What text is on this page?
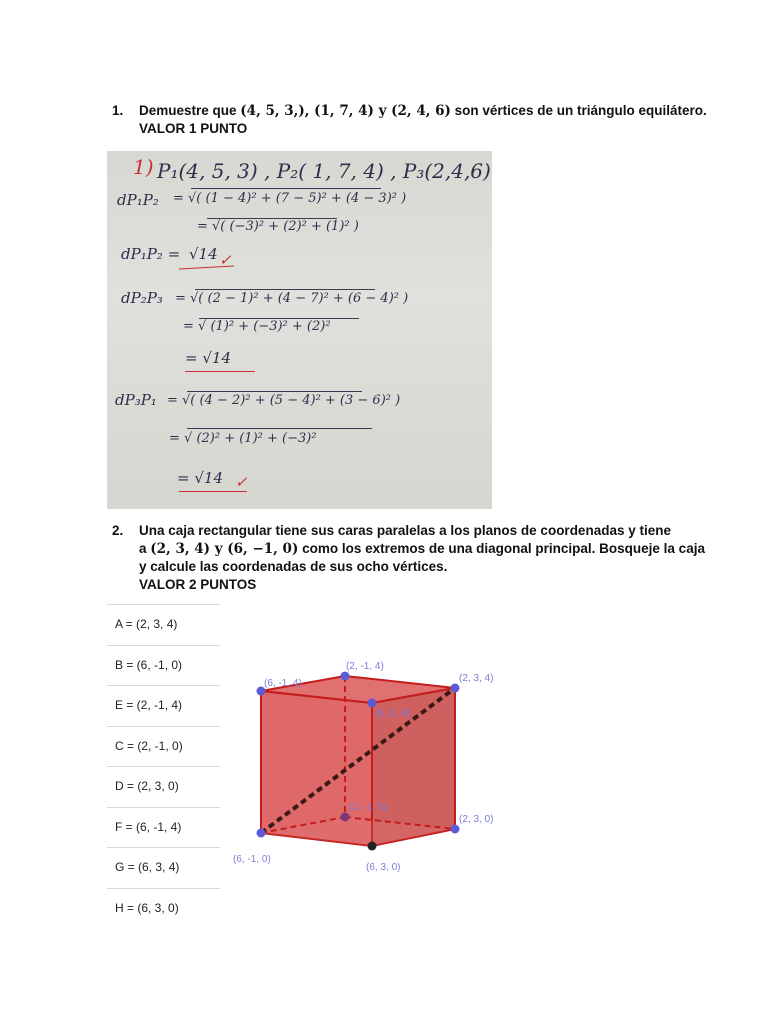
1. Demuestre que (4, 5, 3,), (1, 7, 4) y (2, 4, 6) son vértices de un triángulo equilátero.
VALOR 1 PUNTO
1) P₁(4, 5, 3) , P₂( 1, 7, 4) , P₃(2,4,6)
dP₁P₂ = √( (1 − 4)² + (7 − 5)² + (4 − 3)² )
= √( (−3)² + (2)² + (1)² )
dP₁P₂ = √14 ✓
dP₂P₃ = √( (2 − 1)² + (4 − 7)² + (6 − 4)² )
= √ (1)² + (−3)² + (2)²
= √14
dP₃P₁ = √( (4 − 2)² + (5 − 4)² + (3 − 6)² )
= √ (2)² + (1)² + (−3)²
= √14 ✓
2. Una caja rectangular tiene sus caras paralelas a los planos de coordenadas y tiene
a (2, 3, 4) y (6, −1, 0) como los extremos de una diagonal principal. Bosqueje la caja
y calcule las coordenadas de sus ocho vértices.
VALOR 2 PUNTOS
A = (2, 3, 4)
B = (6, -1, 0)
E = (2, -1, 4)
C = (2, -1, 0)
D = (2, 3, 0)
F = (6, -1, 4)
G = (6, 3, 4)
H = (6, 3, 0)
(6, -1, 4)
(2, -1, 4)
(2, 3, 4)
(6, 3, 4)
(2, -1, 0)
(2, 3, 0)
(6, -1, 0)
(6, 3, 0)
